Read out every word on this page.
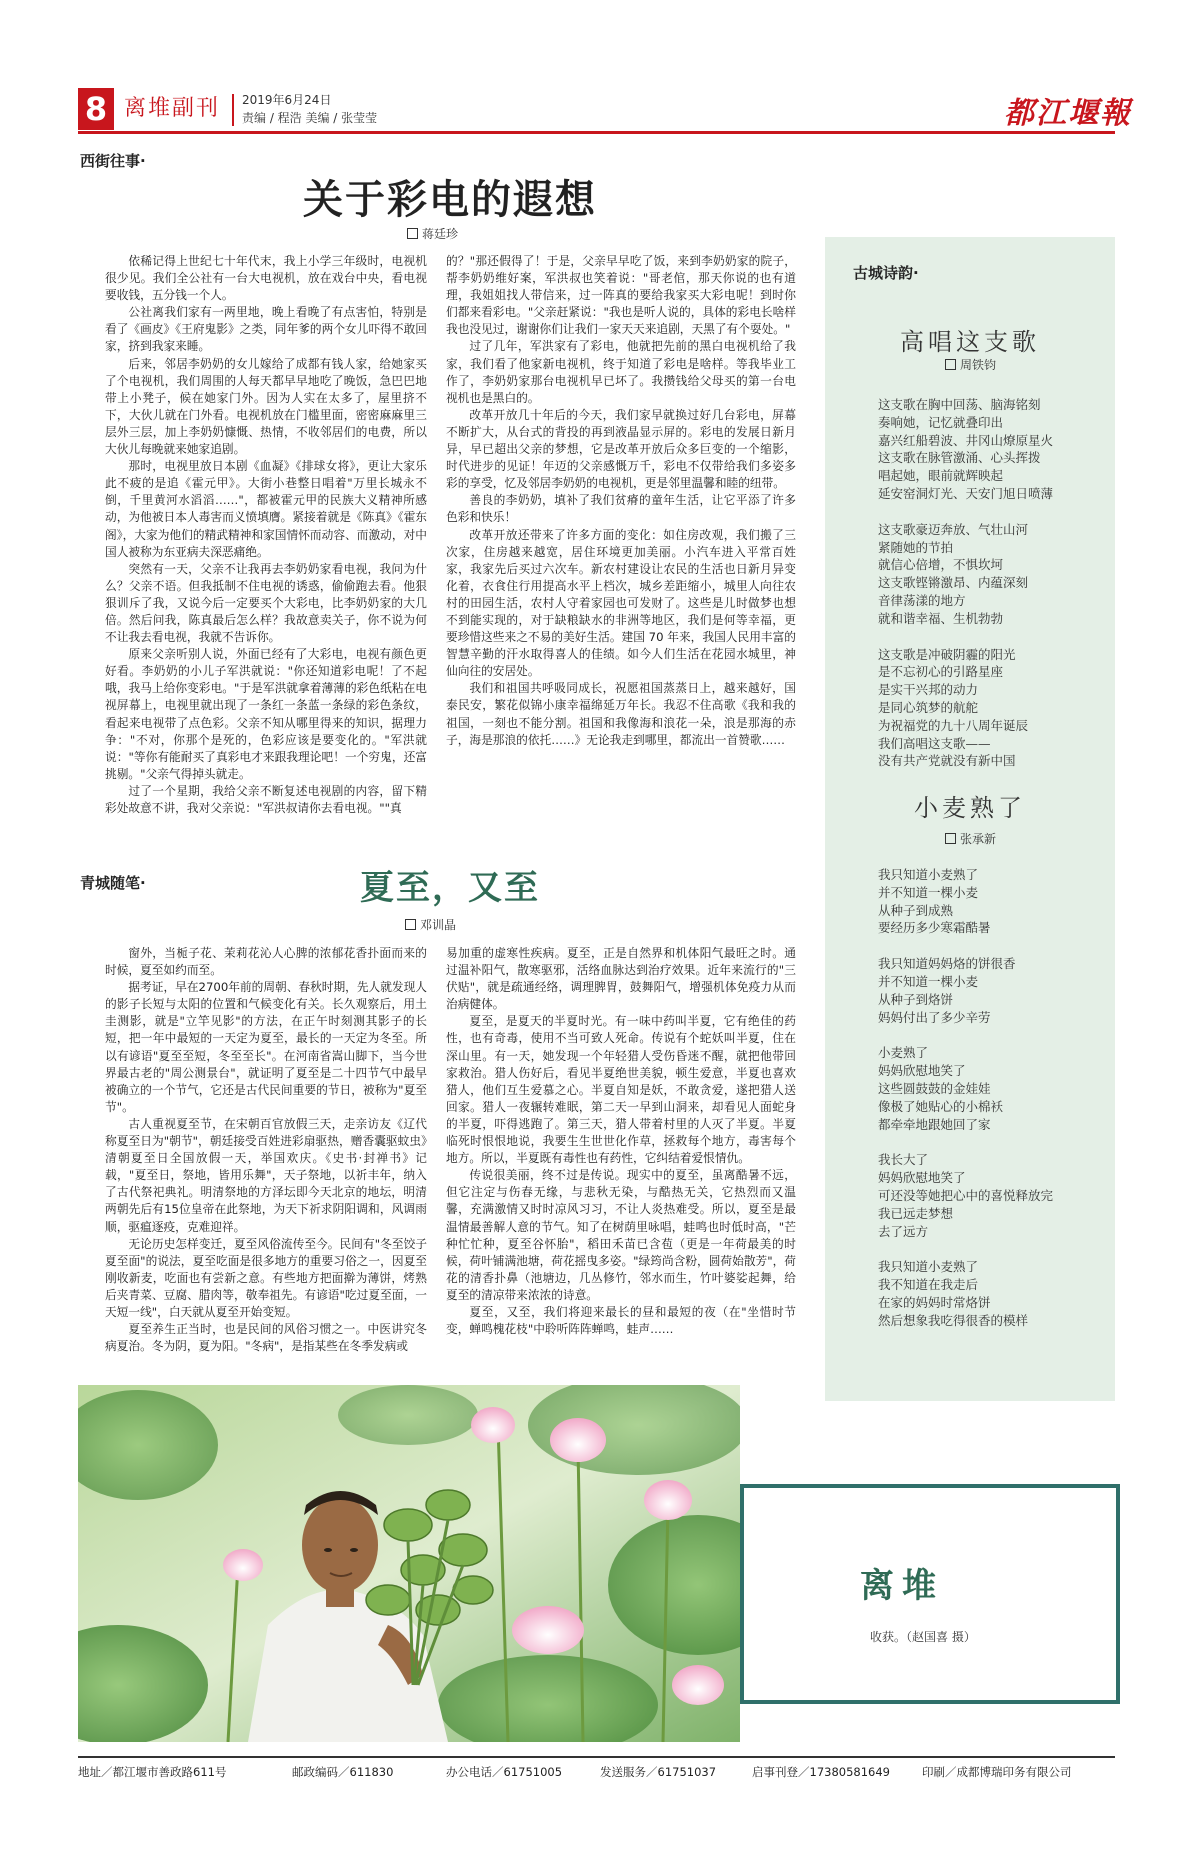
8 离堆副刊 2019年6月24日
责编 / 程浩 美编 / 张莹莹	都江堰報
西街往事·
关于彩电的遐想
蒋廷珍

依稀记得上世纪七十年代末，我上小学三年级时，电视机很少见。我们全公社有一台大电视机，放在戏台中央，看电视要收钱，五分钱一个人。

公社离我们家有一两里地，晚上看晚了有点害怕，特别是看了《画皮》《王府鬼影》之类，同年爹的两个女儿吓得不敢回家，挤到我家来睡。

后来，邻居李奶奶的女儿嫁给了成都有钱人家，给她家买了个电视机，我们周围的人每天都早早地吃了晚饭，急巴巴地带上小凳子，候在她家门外。因为人实在太多了，屋里挤不下，大伙儿就在门外看。电视机放在门槛里面，密密麻麻里三层外三层，加上李奶奶慷慨、热情，不收邻居们的电费，所以大伙儿每晚就来她家追剧。

那时，电视里放日本剧《血凝》《排球女将》，更让大家乐此不疲的是追《霍元甲》。大街小巷整日唱着"万里长城永不倒，千里黄河水滔滔……"，都被霍元甲的民族大义精神所感动，为他被日本人毒害而义愤填膺。紧接着就是《陈真》《霍东阁》，大家为他们的精武精神和家国情怀而动容、而激动，对中国人被称为东亚病夫深恶痛绝。

突然有一天，父亲不让我再去李奶奶家看电视，我问为什么？父亲不语。但我抵制不住电视的诱惑，偷偷跑去看。他狠狠训斥了我，又说今后一定要买个大彩电，比李奶奶家的大几倍。然后问我，陈真最后怎么样？我故意卖关子，你不说为何不让我去看电视，我就不告诉你。

原来父亲听别人说，外面已经有了大彩电，电视有颜色更好看。李奶奶的小儿子军洪就说："你还知道彩电呢！了不起哦，我马上给你变彩电。"于是军洪就拿着薄薄的彩色纸粘在电视屏幕上，电视里就出现了一条红一条蓝一条绿的彩色条纹，看起来电视带了点色彩。父亲不知从哪里得来的知识，据理力争："不对，你那个是死的，色彩应该是要变化的。"军洪就说："等你有能耐买了真彩电才来跟我理论吧！一个穷鬼，还富挑剔。"父亲气得掉头就走。

过了一个星期，我给父亲不断复述电视剧的内容，留下精彩处故意不讲，我对父亲说："军洪叔请你去看电视。""真

的？"那还假得了！于是，父亲早早吃了饭，来到李奶奶家的院子，帮李奶奶维好案，军洪叔也笑着说："哥老倌，那天你说的也有道理，我姐姐找人带信来，过一阵真的要给我家买大彩电呢！到时你们都来看彩电。"父亲赶紧说："我也是听人说的，具体的彩电长啥样我也没见过，谢谢你们让我们一家天天来追剧，天黑了有个耍处。"

过了几年，军洪家有了彩电，他就把先前的黑白电视机给了我家，我们看了他家新电视机，终于知道了彩电是啥样。等我毕业工作了，李奶奶家那台电视机早已坏了。我攒钱给父母买的第一台电视机也是黑白的。

改革开放几十年后的今天，我们家早就换过好几台彩电，屏幕不断扩大，从台式的背投的再到液晶显示屏的。彩电的发展日新月异，早已超出父亲的梦想，它是改革开放后众多巨变的一个缩影，时代进步的见证！年迈的父亲感慨万千，彩电不仅带给我们多姿多彩的享受，忆及邻居李奶奶的电视机，更是邻里温馨和睦的纽带。

善良的李奶奶，填补了我们贫瘠的童年生活，让它平添了许多色彩和快乐！

改革开放还带来了许多方面的变化：如住房改观，我们搬了三次家，住房越来越宽，居住环境更加美丽。小汽车进入平常百姓家，我家先后买过六次车。新农村建设让农民的生活也日新月异变化着，衣食住行用提高水平上档次，城乡差距缩小，城里人向往农村的田园生活，农村人守着家园也可发财了。这些是儿时做梦也想不到能实现的，对于缺粮缺水的非洲等地区，我们是何等幸福，更要珍惜这些来之不易的美好生活。建国 70 年来，我国人民用丰富的智慧辛勤的汗水取得喜人的佳绩。如今人们生活在花园水城里，神仙向往的安居处。

我们和祖国共呼吸同成长，祝愿祖国蒸蒸日上，越来越好，国泰民安，繁花似锦小康幸福绵延万年长。我忍不住高歌《我和我的祖国，一刻也不能分割。祖国和我像海和浪花一朵，浪是那海的赤子，海是那浪的依托……》无论我走到哪里，都流出一首赞歌……

青城随笔·	夏至，又至
邓训晶

窗外，当栀子花、茉莉花沁人心脾的浓郁花香扑面而来的时候，夏至如约而至。

据考证，早在2700年前的周朝、春秋时期，先人就发现人的影子长短与太阳的位置和气候变化有关。长久观察后，用土圭测影，就是"立竿见影"的方法，在正午时刻测其影子的长短，把一年中最短的一天定为夏至，最长的一天定为冬至。所以有谚语"夏至至短，冬至至长"。在河南省嵩山脚下，当今世界最古老的"周公测景台"，就证明了夏至是二十四节气中最早被确立的一个节气，它还是古代民间重要的节日，被称为"夏至节"。

古人重视夏至节，在宋朝百官放假三天，走亲访友《辽代称夏至日为"朝节"，朝廷接受百姓进彩扇驱热，赠香囊驱蚊虫》清朝夏至日全国放假一天，举国欢庆。《史书·封禅书》记载，"夏至日，祭地，皆用乐舞"，天子祭地，以祈丰年，纳入了古代祭祀典礼。明清祭地的方泽坛即今天北京的地坛，明清两朝先后有15位皇帝在此祭地，为天下祈求阴阳调和，风调雨顺，驱瘟逐疫，克难迎祥。

无论历史怎样变迁，夏至风俗流传至今。民间有"冬至饺子夏至面"的说法，夏至吃面是很多地方的重要习俗之一，因夏至刚收新麦，吃面也有尝新之意。有些地方把面擀为薄饼，烤熟后夹青菜、豆腐、腊肉等，敬奉祖先。有谚语"吃过夏至面，一天短一线"，白天就从夏至开始变短。

夏至养生正当时，也是民间的风俗习惯之一。中医讲究冬病夏治。冬为阴，夏为阳。"冬病"，是指某些在冬季发病或

易加重的虚寒性疾病。夏至，正是自然界和机体阳气最旺之时。通过温补阳气，散寒驱邪，活络血脉达到治疗效果。近年来流行的"三伏贴"，就是疏通经络，调理脾胃，鼓舞阳气，增强机体免疫力从而治病健体。

夏至，是夏天的半夏时光。有一味中药叫半夏，它有绝佳的药性，也有奇毒，使用不当可致人死命。传说有个蛇妖叫半夏，住在深山里。有一天，她发现一个年轻猎人受伤昏迷不醒，就把他带回家救治。猎人伤好后，看见半夏绝世美貌，顿生爱意，半夏也喜欢猎人，他们互生爱慕之心。半夏自知是妖，不敢贪爱，遂把猎人送回家。猎人一夜辗转难眠，第二天一早到山洞来，却看见人面蛇身的半夏，吓得逃跑了。第三天，猎人带着村里的人灭了半夏。半夏临死时恨恨地说，我要生生世世化作草，拯救每个地方，毒害每个地方。所以，半夏既有毒性也有药性，它纠结着爱恨情仇。

传说很美丽，终不过是传说。现实中的夏至，虽离酷暑不远，但它注定与伤春无缘，与悲秋无染，与酷热无关，它热烈而又温馨，充满激情又时时凉风习习，不让人炎热难受。所以，夏至是最温情最善解人意的节气。知了在树荫里咏唱，蛙鸣也时低时高，"芒种忙忙种，夏至谷怀胎"，稻田禾苗已含苞（更是一年荷最美的时候，荷叶铺满池塘，荷花摇曳多姿。"绿筠尚含粉，圆荷始散芳"，荷花的清香扑鼻（池塘边，几丛修竹，邻水而生，竹叶婆娑起舞，给夏至的清凉带来浓浓的诗意。

夏至，又至，我们将迎来最长的昼和最短的夜（在"坐惜时节变，蝉鸣槐花枝"中聆听阵阵蝉鸣，蛙声……

古城诗韵·
高唱这支歌
周铁钧
这支歌在胸中回荡、脑海铭刻
奏响她，记忆就叠印出
嘉兴红船碧波、井冈山燎原星火
这支歌在脉管激涌、心头挥拨
唱起她，眼前就辉映起
延安窑洞灯光、天安门旭日喷薄
这支歌豪迈奔放、气壮山河
紧随她的节拍
就信心倍增，不惧坎坷
这支歌铿锵激昂、内蕴深刻
音律荡漾的地方
就和谐幸福、生机勃勃
这支歌是冲破阴霾的阳光
是不忘初心的引路星座
是实干兴邦的动力
是同心筑梦的航舵
为祝福党的九十八周年诞辰
我们高唱这支歌——
没有共产党就没有新中国
小麦熟了
张承新
我只知道小麦熟了
并不知道一棵小麦
从种子到成熟
要经历多少寒霜酷暑
我只知道妈妈烙的饼很香
并不知道一棵小麦
从种子到烙饼
妈妈付出了多少辛劳
小麦熟了
妈妈欣慰地笑了
这些圆鼓鼓的金娃娃
像极了她贴心的小棉袄
都牵牵地跟她回了家
我长大了
妈妈欣慰地笑了
可还没等她把心中的喜悦释放完
我已远走梦想
去了远方
我只知道小麦熟了
我不知道在我走后
在家的妈妈时常烙饼
然后想象我吃得很香的模样
离堆
收获。（赵国喜 摄）
地址／都江堰市善政路611号	邮政编码／611830	办公电话／61751005	发送服务／61751037	启事刊登／17380581649	印刷／成都博瑞印务有限公司
